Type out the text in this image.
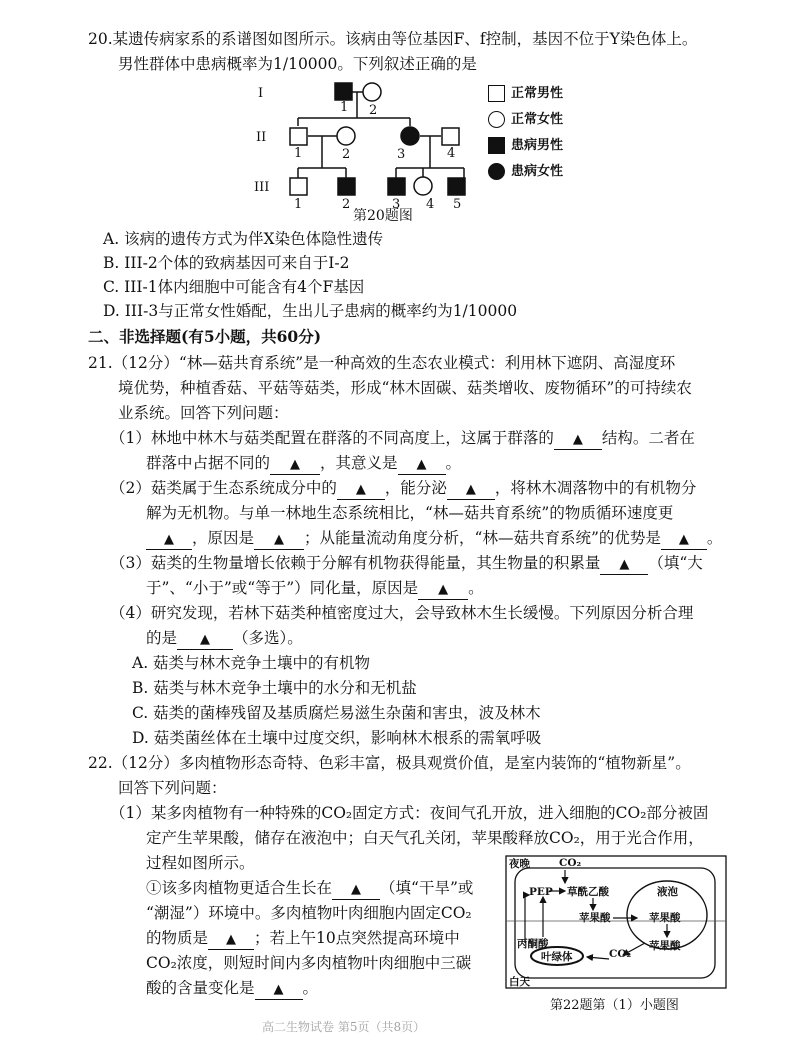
20.某遗传病家系的系谱图如图所示。该病由等位基因F、f控制，基因不位于Y染色体上。
男性群体中患病概率为1/10000。下列叙述正确的是
I
II
III
1 2
1	2	3	4
1	2	3 4 5
正常男性
正常女性
患病男性
患病女性
第20题图
A. 该病的遗传方式为伴X染色体隐性遗传
B. III-2个体的致病基因可来自于I-2
C. III-1体内细胞中可能含有4个F基因
D. III-3与正常女性婚配，生出儿子患病的概率约为1/10000
二、非选择题(有5小题，共60分)
21.（12分）“林—菇共育系统”是一种高效的生态农业模式：利用林下遮阴、高湿度环
境优势，种植香菇、平菇等菇类，形成“林木固碳、菇类增收、废物循环”的可持续农
业系统。回答下列问题：
（1）林地中林木与菇类配置在群落的不同高度上，这属于群落的 ▲ 结构。二者在
群落中占据不同的 ▲ ，其意义是 ▲ 。
（2）菇类属于生态系统成分中的 ▲ ，能分泌 ▲ ，将林木凋落物中的有机物分
解为无机物。与单一林地生态系统相比，“林—菇共育系统”的物质循环速度更
▲ ，原因是 ▲ ；从能量流动角度分析，“林—菇共育系统”的优势是 ▲ 。
（3）菇类的生物量增长依赖于分解有机物获得能量，其生物量的积累量 ▲ （填“大
于”、“小于”或“等于”）同化量，原因是 ▲ 。
（4）研究发现，若林下菇类种植密度过大，会导致林木生长缓慢。下列原因分析合理
的是 ▲ （多选）。
A. 菇类与林木竞争土壤中的有机物
B. 菇类与林木竞争土壤中的水分和无机盐
C. 菇类的菌棒残留及基质腐烂易滋生杂菌和害虫，波及林木
D. 菇类菌丝体在土壤中过度交织，影响林木根系的需氧呼吸
22.（12分）多肉植物形态奇特、色彩丰富，极具观赏价值，是室内装饰的“植物新星”。
回答下列问题：
（1）某多肉植物有一种特殊的CO₂固定方式：夜间气孔开放，进入细胞的CO₂部分被固
定产生苹果酸，储存在液泡中；白天气孔关闭，苹果酸释放CO₂，用于光合作用，
过程如图所示。
①该多肉植物更适合生长在 ▲ （填“干旱”或
“潮湿”）环境中。多肉植物叶肉细胞内固定CO₂
的物质是 ▲ ；若上午10点突然提高环境中
CO₂浓度，则短时间内多肉植物叶肉细胞中三碳
酸的含量变化是 ▲ 。
夜晚
白天
CO₂
PEP 草酰乙酸
苹果酸
液泡
苹果酸
苹果酸
丙酮酸
叶绿体	CO₂
第22题第（1）小题图
高二生物试卷 第5页（共8页）
